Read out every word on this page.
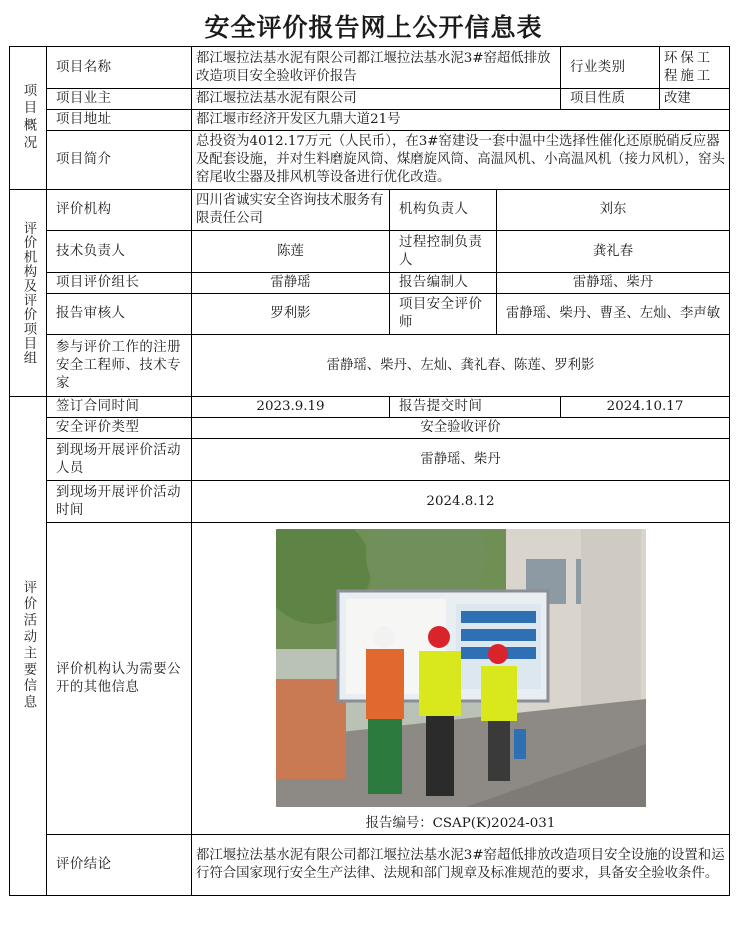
安全评价报告网上公开信息表
项目概况	项目名称	都江堰拉法基水泥有限公司都江堰拉法基水泥3#窑超低排放改造项目安全验收评价报告			行业类别	环保工程施工
	项目业主	都江堰拉法基水泥有限公司			项目性质	改建
	项目地址	都江堰市经济开发区九鼎大道21号				
	项目简介	总投资为4012.17万元（人民币），在3#窑建设一套中温中尘选择性催化还原脱硝反应器及配套设施，并对生料磨旋风筒、煤磨旋风筒、高温风机、小高温风机（接力风机），窑头窑尾收尘器及排风机等设备进行优化改造。				

评价机构及评价项目组	评价机构	四川省诚实安全咨询技术服务有限责任公司	机构负责人	刘东		
	技术负责人	陈莲	过程控制负责人	龚礼春		
	项目评价组长	雷静瑶	报告编制人	雷静瑶、柴丹		
	报告审核人	罗利影	项目安全评价师	雷静瑶、柴丹、曹圣、左灿、李声敏		
	参与评价工作的注册安全工程师、技术专家	雷静瑶、柴丹、左灿、龚礼春、陈莲、罗利影				

评价活动主要信息	签订合同时间	2023.9.19	报告提交时间		2024.10.17	
	安全评价类型	安全验收评价				
	到现场开展评价活动人员	雷静瑶、柴丹				
	到现场开展评价活动时间	2024.8.12				
	评价机构认为需要公开的其他信息	报告编号：CSAP(K)2024-031				

	评价结论	都江堰拉法基水泥有限公司都江堰拉法基水泥3#窑超低排放改造项目安全设施的设置和运行符合国家现行安全生产法律、法规和部门规章及标准规范的要求，具备安全验收条件。				
